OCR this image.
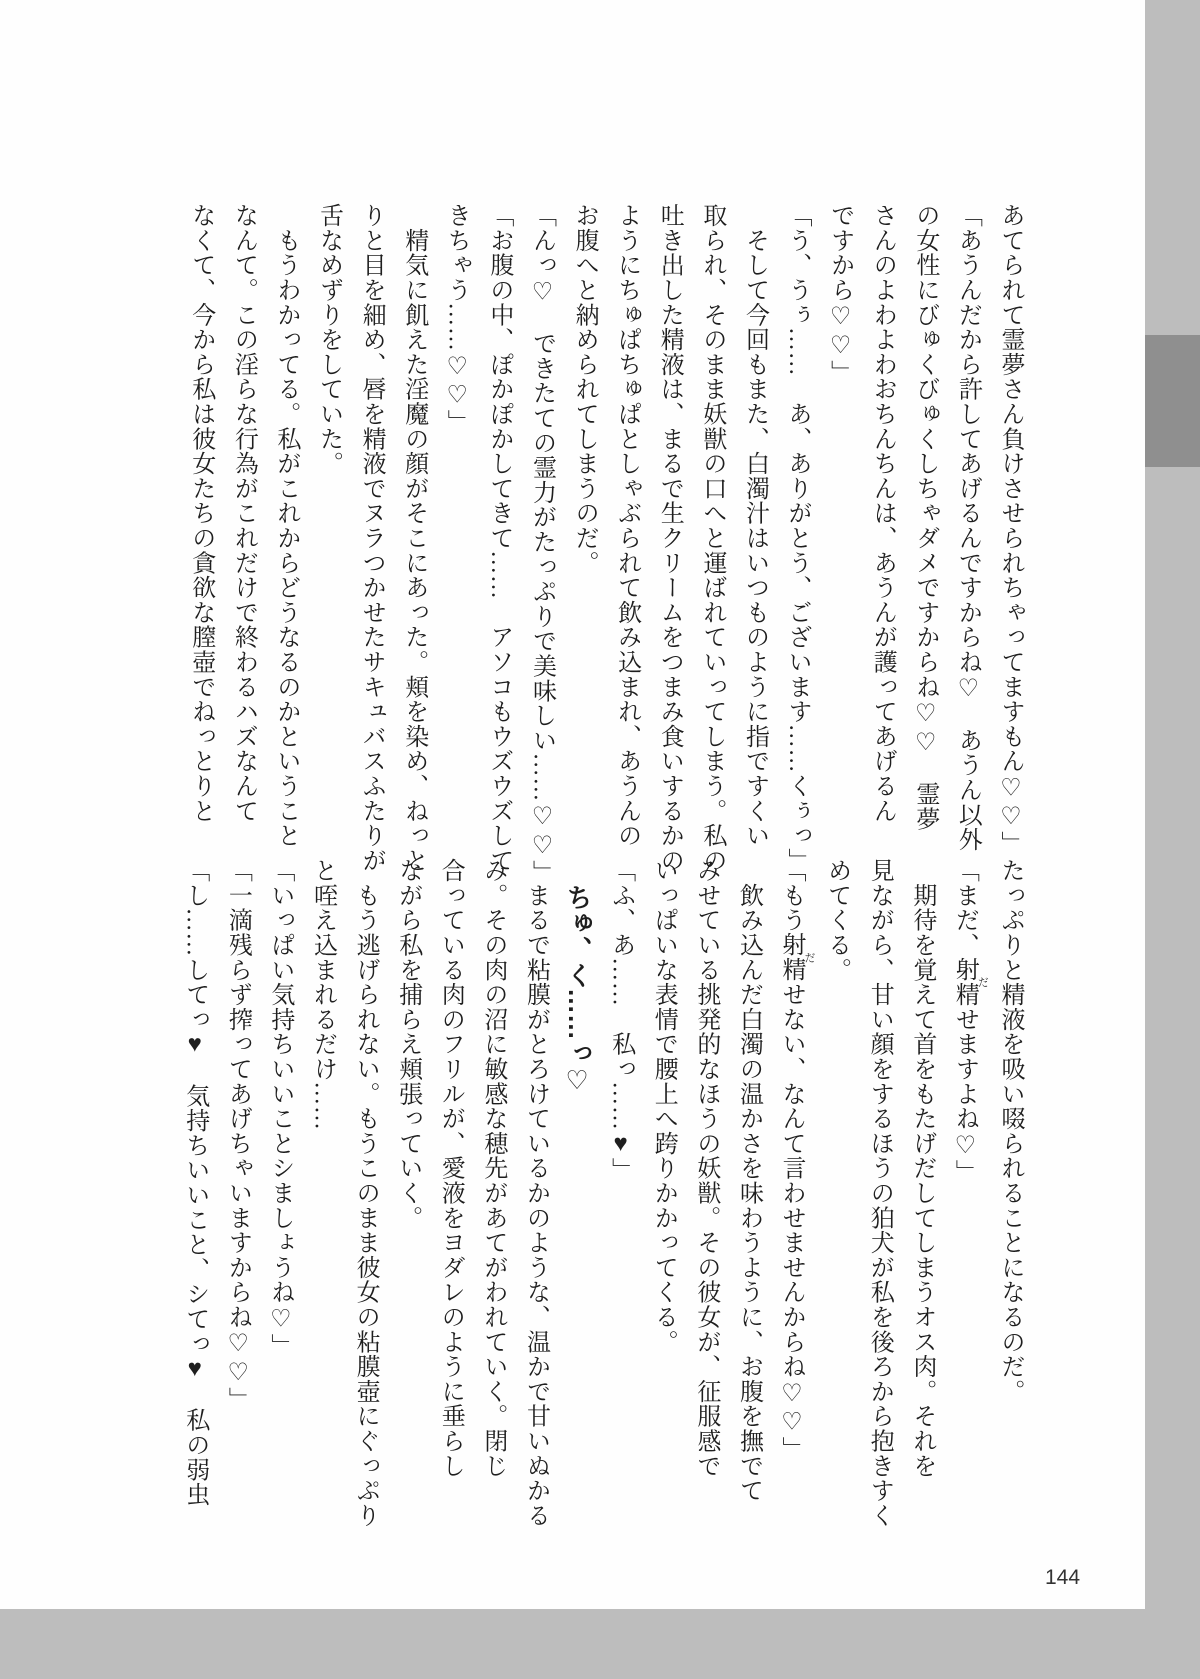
あてられて霊夢さん負けさせられちゃってますもん♡♡」
「あうんだから許してあげるんですからね♡　あうん以外
の女性にびゅくびゅくしちゃダメですからね♡♡　霊夢
さんのよわよわおちんちんは、あうんが護ってあげるん
ですから♡♡」
「う、うぅ……　あ、ありがとう、ございます……くぅっ」
　そして今回もまた、白濁汁はいつものように指ですくい
取られ、そのまま妖獣の口へと運ばれていってしまう。私の
吐き出した精液は、まるで生クリームをつまみ食いするかの
ようにちゅぱちゅぱとしゃぶられて飲み込まれ、あうんの
お腹へと納められてしまうのだ。
「んっ♡　できたての霊力がたっぷりで美味しい……♡♡」
「お腹の中、ぽかぽかしてきて……　アソコもウズウズして
きちゃう……♡♡」
　精気に飢えた淫魔の顔がそこにあった。頬を染め、ねっと
りと目を細め、唇を精液でヌラつかせたサキュバスふたりが
舌なめずりをしていた。
　もうわかってる。私がこれからどうなるのかということ
なんて。この淫らな行為がこれだけで終わるハズなんて
なくて、今から私は彼女たちの貪欲な膣壺でねっとりと
たっぷりと精液を吸い啜られることになるのだ。
「まだ、射精 だせますよね♡」
　期待を覚えて首をもたげだしてしまうオス肉。それを
見ながら、甘い顔をするほうの狛犬が私を後ろから抱きすく
めてくる。
「もう射精 だせない、なんて言わせませんからね♡♡」
　飲み込んだ白濁の温かさを味わうように、お腹を撫でて
みせている挑発的なほうの妖獣。その彼女が、征服感で
いっぱいな表情で腰上へ跨りかかってくる。
「ふ、あ……　私っ……♥」
　ちゅ、く……っ♡
　まるで粘膜がとろけているかのような、温かで甘いぬかる
み。その肉の沼に敏感な穂先があてがわれていく。閉じ
合っている肉のフリルが、愛液をヨダレのように垂らし
ながら私を捕らえ頬張っていく。
　もう逃げられない。もうこのまま彼女の粘膜壺にぐっぷり
と咥え込まれるだけ……
「いっぱい気持ちいいことシましょうね♡」
「一滴残らず搾ってあげちゃいますからね♡♡」
「し……してっ♥　気持ちいいこと、シてっ♥　私の弱虫
144
